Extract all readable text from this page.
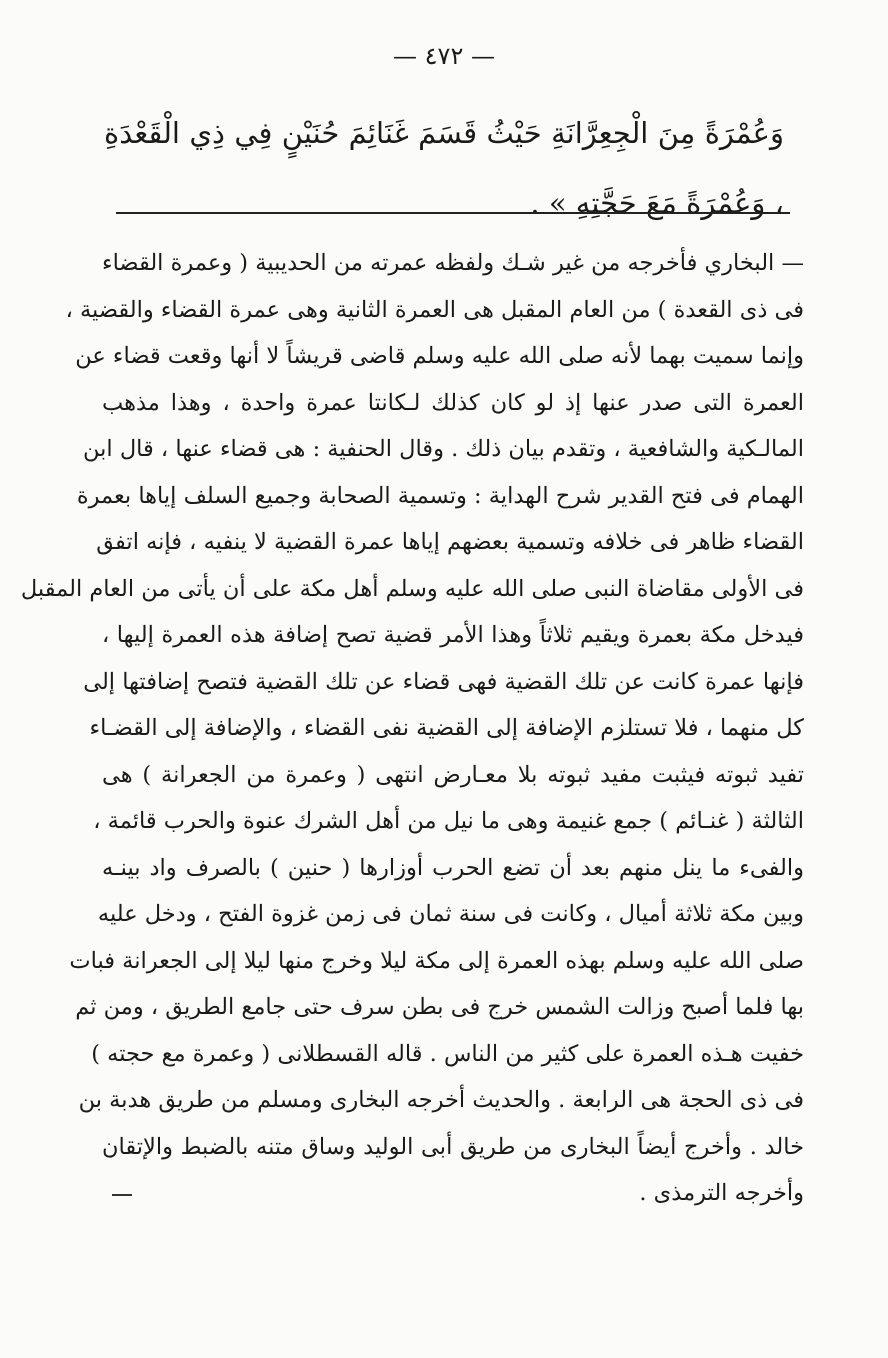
— ٤٧٢ —
وَعُمْرَةً مِنَ الْجِعِرَّانَةِ حَيْثُ قَسَمَ غَنَائِمَ حُنَيْنٍ فِي ذِي الْقَعْدَةِ ، وَعُمْرَةً مَعَ حَجَّتِهِ » .
— البخاري فأخرجه من غير شـك ولفظه عمرته من الحديبية ( وعمرة القضاء
فى ذى القعدة ) من العام المقبل هى العمرة الثانية وهى عمرة القضاء والقضية ،
وإنما سميت بهما لأنه صلى الله عليه وسلم قاضى قريشاً لا أنها وقعت قضاء عن
العمرة التى صدر عنها إذ لو كان كذلك لـكانتا عمرة واحدة ، وهذا مذهب
المالـكية والشافعية ، وتقدم بيان ذلك . وقال الحنفية : هى قضاء عنها ، قال ابن
الهمام فى فتح القدير شرح الهداية : وتسمية الصحابة وجميع السلف إياها بعمرة
القضاء ظاهر فى خلافه وتسمية بعضهم إياها عمرة القضية لا ينفيه ، فإنه اتفق
فى الأولى مقاضاة النبى صلى الله عليه وسلم أهل مكة على أن يأتى من العام المقبل
فيدخل مكة بعمرة ويقيم ثلاثاً وهذا الأمر قضية تصح إضافة هذه العمرة إليها ،
فإنها عمرة كانت عن تلك القضية فهى قضاء عن تلك القضية فتصح إضافتها إلى
كل منهما ، فلا تستلزم الإضافة إلى القضية نفى القضاء ، والإضافة إلى القضـاء
تفيد ثبوته فيثبت مفيد ثبوته بلا معـارض انتهى ( وعمرة من الجعرانة ) هى
الثالثة ( غنـائم ) جمع غنيمة وهى ما نيل من أهل الشرك عنوة والحرب قائمة ،
والفىء ما ينل منهم بعد أن تضع الحرب أوزارها ( حنين ) بالصرف واد بينـه
وبين مكة ثلاثة أميال ، وكانت فى سنة ثمان فى زمن غزوة الفتح ، ودخل عليه
صلى الله عليه وسلم بهذه العمرة إلى مكة ليلا وخرج منها ليلا إلى الجعرانة فبات
بها فلما أصبح وزالت الشمس خرج فى بطن سرف حتى جامع الطريق ، ومن ثم
خفيت هـذه العمرة على كثير من الناس . قاله القسطلانى ( وعمرة مع حجته )
فى ذى الحجة هى الرابعة . والحديث أخرجه البخارى ومسلم من طريق هدبة بن
خالد . وأخرج أيضاً البخارى من طريق أبى الوليد وساق متنه بالضبط والإتقان
وأخرجه الترمذى .
